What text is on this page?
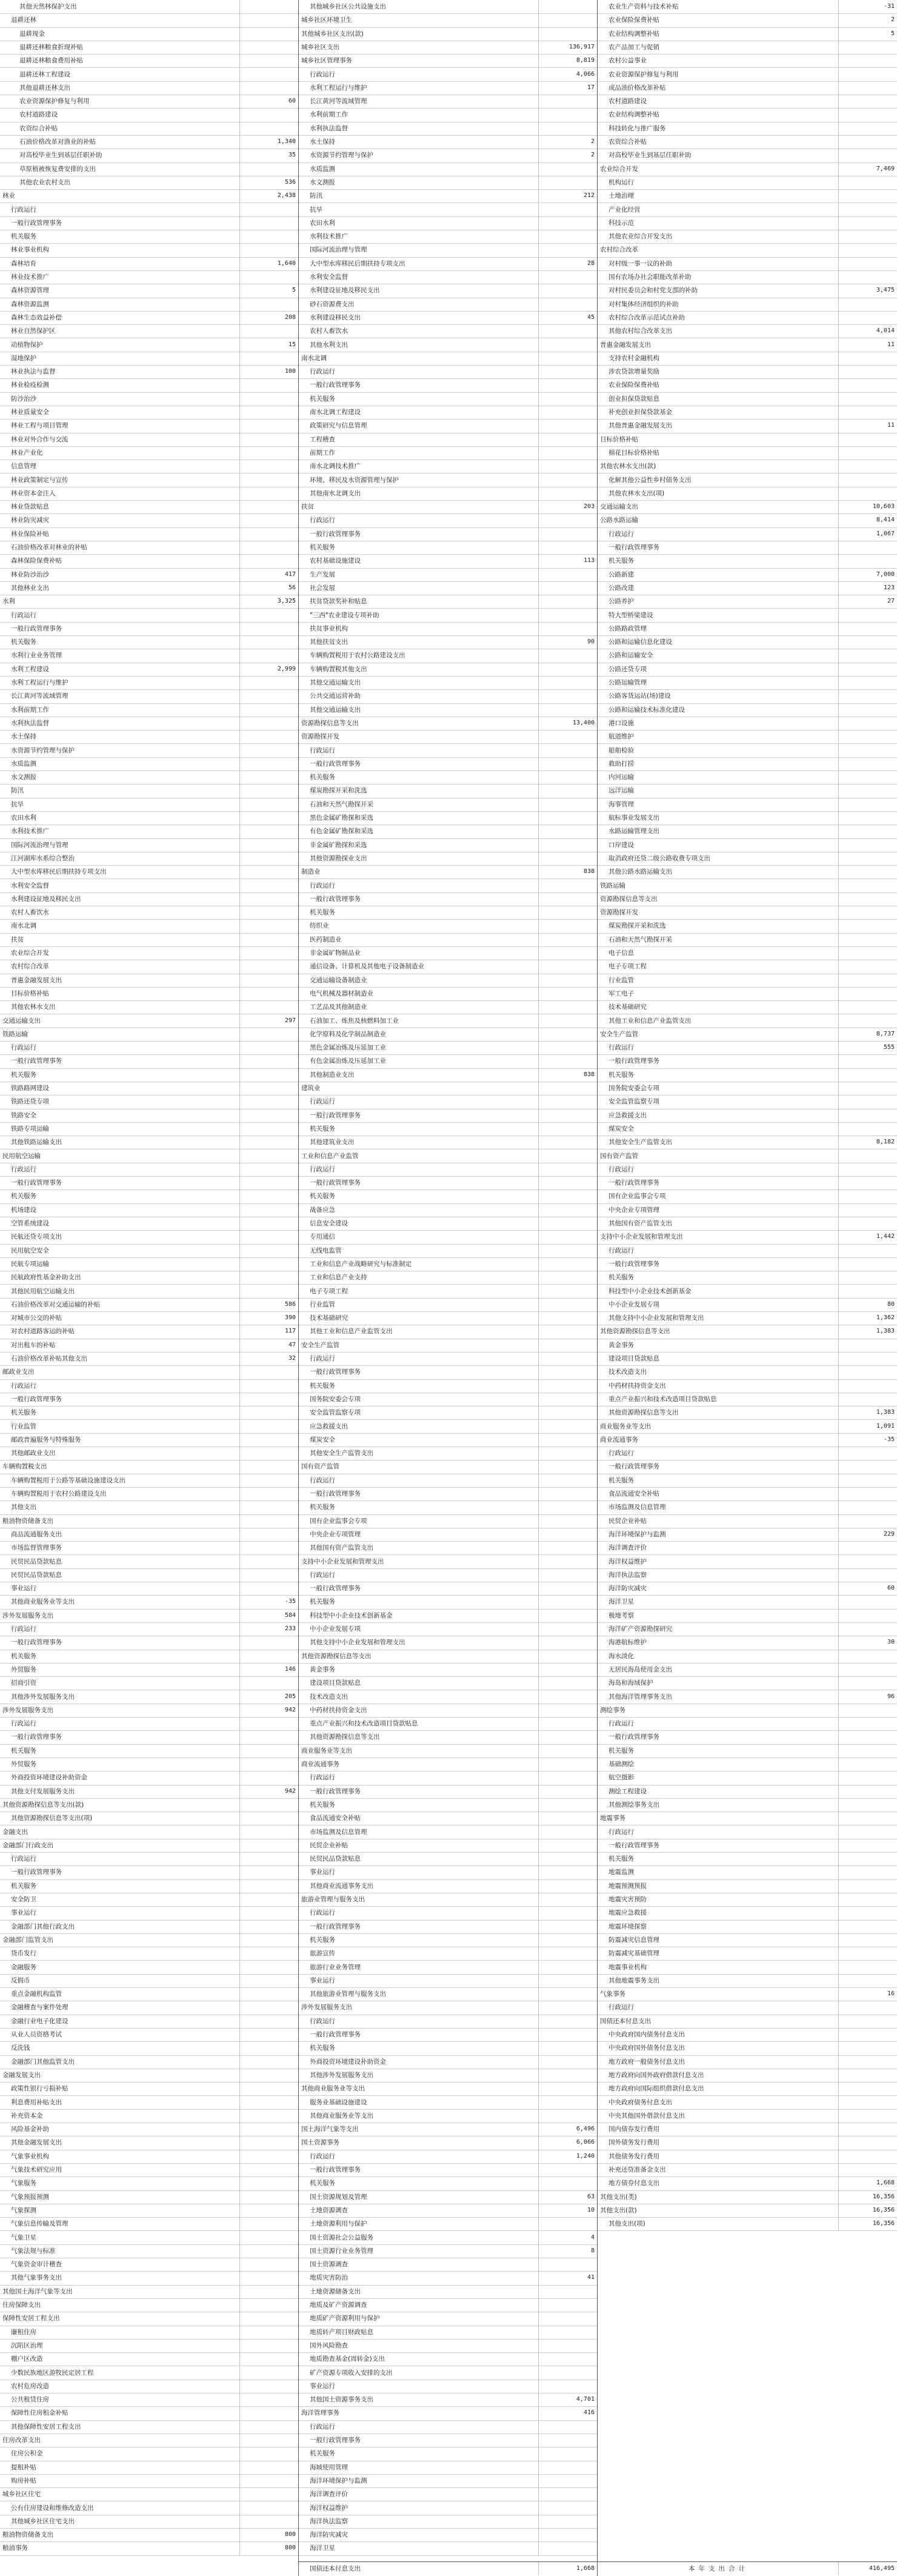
其他天然林保护支出
退耕还林
退耕现金
退耕还林粮食折现补贴
退耕还林粮食费用补贴
退耕还林工程建设
其他退耕还林支出
农业资源保护修复与利用	60
农村道路建设
农资综合补贴
石油价格改革对渔业的补贴	1,340
对高校毕业生到基层任职补助	35
草原植被恢复费安排的支出
其他农业农村支出	536
林业	2,438
行政运行
一般行政管理事务
机关服务
林业事业机构
森林培育	1,640
林业技术推广
森林资源管理	5
森林资源监测
森林生态效益补偿	208
林业自然保护区
动植物保护	15
湿地保护
林业执法与监督	100
林业检疫检测
防沙治沙
林业质量安全
林业工程与项目管理
林业对外合作与交流
林业产业化
信息管理
林业政策制定与宣传
林业资本金注入
林业贷款贴息
林业防灾减灾
林业保险补贴
石油价格改革对林业的补贴
森林保险保费补贴
林业防沙治沙	417
其他林业支出	56
水利	3,325
行政运行
一般行政管理事务
机关服务
水利行业业务管理
水利工程建设	2,999
水利工程运行与维护
长江黄河等流域管理
水利前期工作
水利执法监督
水土保持
水资源节约管理与保护
水质监测
水文测报
防汛
抗旱
农田水利
水利技术推广
国际河流治理与管理
江河湖库水系综合整治
大中型水库移民后期扶持专项支出
水利安全监督
水利建设征地及移民支出
农村人畜饮水
南水北调
扶贫
农业综合开发
农村综合改革
普惠金融发展支出
目标价格补贴
其他农林水支出
交通运输支出	297
铁路运输
行政运行
一般行政管理事务
机关服务
铁路路网建设
铁路还贷专项
铁路安全
铁路专项运输
其他铁路运输支出
民用航空运输
行政运行
一般行政管理事务
机关服务
机场建设
空管系统建设
民航还贷专项支出
民用航空安全
民航专项运输
民航政府性基金补助支出
其他民用航空运输支出
石油价格改革对交通运输的补贴	586
对城市公交的补贴	390
对农村道路客运的补贴	117
对出租车的补贴	47
石油价格改革补贴其他支出	32
邮政业支出
行政运行
一般行政管理事务
机关服务
行业监管
邮政普遍服务与特殊服务
其他邮政业支出
车辆购置税支出
车辆购置税用于公路等基础设施建设支出
车辆购置税用于农村公路建设支出
其他支出
粮油物资储备支出
商品流通服务支出
市场监督管理事务
民贸民品贷款贴息
民贸民品贷款贴息
事业运行
其他商业服务业等支出	-35
涉外发展服务支出	584
行政运行	233
一般行政管理事务
机关服务
外贸服务	146
招商引资
其他涉外发展服务支出	205
涉外发展服务支出	942
行政运行
一般行政管理事务
机关服务
外贸服务
外商投资环境建设补助资金
其他支付发展服务支出	942
其他资源勘探信息等支出(款)
其他资源勘探信息等支出(项)
金融支出
金融部门行政支出
行政运行
一般行政管理事务
机关服务
安全防卫
事业运行
金融部门其他行政支出
金融部门监管支出
货币发行
金融服务
反假币
重点金融机构监管
金融稽查与案件处理
金融行业电子化建设
从业人员资格考试
反洗钱
金融部门其他监管支出
金融发展支出
政策性银行亏损补贴
利息费用补贴支出
补充资本金
风险基金补助
其他金融发展支出
气象事业机构
气象技术研究应用
气象服务
气象预报预测
气象探测
气象信息传输及管理
气象卫星
气象法规与标准
气象资金审计稽查
其他气象事务支出
其他国土海洋气象等支出
住房保障支出
保障性安居工程支出
廉租住房
沉陷区治理
棚户区改造
少数民族地区游牧民定居工程
农村危房改造
公共租赁住房
保障性住房租金补贴
其他保障性安居工程支出
住房改革支出
住房公积金
提租补贴
购房补贴
城乡社区住宅
公有住房建设和维修改造支出
其他城乡社区住宅支出
粮油物资储备支出	800
粮油事务	800
其他城乡社区公共设施支出
城乡社区环境卫生
其他城乡社区支出(款)
城乡社区支出	136,917
城乡社区管理事务	8,819
行政运行	4,066
水利工程运行与维护	17
长江黄河等流域管理
水利前期工作
水利执法监督
水土保持	2
水资源节约管理与保护	2
水质监测
水文测报
防汛	212
抗旱
农田水利
水利技术推广
国际河流治理与管理
大中型水库移民后期扶持专项支出	28
水利安全监督
水利建设征地及移民支出
砂石资源费支出
水利建设移民支出	45
农村人畜饮水
其他水利支出
南水北调
行政运行
一般行政管理事务
机关服务
南水北调工程建设
政策研究与信息管理
工程稽查
前期工作
南水北调技术推广
环境、移民及水资源管理与保护
其他南水北调支出
扶贫	203
行政运行
一般行政管理事务
机关服务
农村基础设施建设	113
生产发展
社会发展
扶贫贷款奖补和贴息
"三西"农业建设专项补助
扶贫事业机构
其他扶贫支出	90
车辆购置税用于农村公路建设支出
车辆购置税其他支出
其他交通运输支出
公共交通运营补助
其他交通运输支出
资源勘探信息等支出	13,400
资源勘探开发
行政运行
一般行政管理事务
机关服务
煤炭勘探开采和洗选
石油和天然气勘探开采
黑色金属矿勘探和采选
有色金属矿勘探和采选
非金属矿勘探和采选
其他资源勘探业支出
制造业	838
行政运行
一般行政管理事务
机关服务
纺织业
医药制造业
非金属矿物制品业
通信设备、计算机及其他电子设备制造业
交通运输设备制造业
电气机械及器材制造业
工艺品及其他制造业
石油加工、炼焦及核燃料加工业
化学原料及化学制品制造业
黑色金属冶炼及压延加工业
有色金属冶炼及压延加工业
其他制造业支出	838
建筑业
行政运行
一般行政管理事务
机关服务
其他建筑业支出
工业和信息产业监管
行政运行
一般行政管理事务
机关服务
战备应急
信息安全建设
专用通信
无线电监管
工业和信息产业战略研究与标准制定
工业和信息产业支持
电子专项工程
行业监管
技术基础研究
其他工业和信息产业监管支出
安全生产监管
行政运行
一般行政管理事务
机关服务
国务院安委会专项
安全监管监察专项
应急救援支出
煤炭安全
其他安全生产监管支出
国有资产监管
行政运行
一般行政管理事务
机关服务
国有企业监事会专项
中央企业专项管理
其他国有资产监管支出
支持中小企业发展和管理支出
行政运行
一般行政管理事务
机关服务
科技型中小企业技术创新基金
中小企业发展专项
其他支持中小企业发展和管理支出
其他资源勘探信息等支出
黄金事务
建设项目贷款贴息
技术改造支出
中药材扶持资金支出
重点产业振兴和技术改造项目贷款贴息
其他资源勘探信息等支出
商业服务业等支出
商业流通事务
行政运行
一般行政管理事务
机关服务
食品流通安全补贴
市场监测及信息管理
民贸企业补贴
民贸民品贷款贴息
事业运行
其他商业流通事务支出
旅游业管理与服务支出
行政运行
一般行政管理事务
机关服务
旅游宣传
旅游行业业务管理
事业运行
其他旅游业管理与服务支出
涉外发展服务支出
行政运行
一般行政管理事务
机关服务
外商投资环境建设补助资金
其他涉外发展服务支出
其他商业服务业等支出
服务业基础设施建设
其他商业服务业等支出
国土海洋气象等支出	6,496
国土资源事务	6,066
行政运行	1,240
一般行政管理事务
机关服务
国土资源规划及管理	63
土地资源调查	10
土地资源利用与保护
国土资源社会公益服务	4
国土资源行业业务管理	8
国土资源调查
地质灾害防治	41
土地资源储备支出
地质及矿产资源调查
地质矿产资源利用与保护
地质转产项目财政贴息
国外风险勘查
地质勘查基金(周转金)支出
矿产资源专项收入安排的支出
事业运行
其他国土资源事务支出	4,701
海洋管理事务	416
行政运行
一般行政管理事务
机关服务
海域使用管理
海洋环境保护与监测
海洋调查评价
海洋权益维护
海洋执法监察
海洋防灾减灾
海洋卫星
国债还本付息支出	1,668
农业生产资料与技术补贴	-31
农业保险保费补贴	2
农业结构调整补贴	5
农产品加工与促销
农村公益事业
农业资源保护修复与利用
成品油价格改革补贴
农村道路建设
农业结构调整补贴
科技转化与推广服务
农资综合补贴
对高校毕业生到基层任职补助
农业综合开发	7,469
机构运行
土地治理
产业化经营
科技示范
其他农业综合开发支出
农村综合改革
对村级一事一议的补助
国有农场办社会职能改革补助
对村民委员会和村党支部的补助	3,475
对村集体经济组织的补助
农村综合改革示范试点补助
其他农村综合改革支出	4,014
普惠金融发展支出	11
支持农村金融机构
涉农贷款增量奖励
农业保险保费补贴
创业担保贷款贴息
补充创业担保贷款基金
其他普惠金融发展支出	11
目标价格补贴
棉花目标价格补贴
其他农林水支出(款)
化解其他公益性乡村债务支出
其他农林水支出(项)
交通运输支出	10,603
公路水路运输	8,414
行政运行	1,067
一般行政管理事务
机关服务
公路新建	7,000
公路改建	123
公路养护	27
特大型桥梁建设
公路路政管理
公路和运输信息化建设
公路和运输安全
公路还贷专项
公路运输管理
公路客货运站(场)建设
公路和运输技术标准化建设
港口设施
航道维护
船舶检验
救助打捞
内河运输
远洋运输
海事管理
航标事业发展支出
水路运输管理支出
口岸建设
取消政府还贷二级公路收费专项支出
其他公路水路运输支出
铁路运输
资源勘探信息等支出
资源勘探开发
煤炭勘探开采和洗选
石油和天然气勘探开采
电子信息
电子专项工程
行业监管
军工电子
技术基础研究
其他工业和信息产业监管支出
安全生产监管	8,737
行政运行	555
一般行政管理事务
机关服务
国务院安委会专项
安全监管监察专项
应急救援支出
煤炭安全
其他安全生产监管支出	8,182
国有资产监管
行政运行
一般行政管理事务
国有企业监事会专项
中央企业专项管理
其他国有资产监管支出
支持中小企业发展和管理支出	1,442
行政运行
一般行政管理事务
机关服务
科技型中小企业技术创新基金
中小企业发展专项	80
其他支持中小企业发展和管理支出	1,362
其他资源勘探信息等支出	1,383
黄金事务
建设项目贷款贴息
技术改造支出
中药材扶持资金支出
重点产业振兴和技术改造项目贷款贴息
其他资源勘探信息等支出	1,383
商业服务业等支出	1,091
商业流通事务	-35
行政运行
一般行政管理事务
机关服务
食品流通安全补贴
市场监测及信息管理
民贸企业补贴
海洋环境保护与监测	229
海洋调查评价
海洋权益维护
海洋执法监察
海洋防灾减灾	60
海洋卫星
极地考察
海洋矿产资源勘探研究
海港航标维护	30
海水淡化
无居民海岛使用金支出
海岛和海域保护
其他海洋管理事务支出	96
测绘事务
行政运行
一般行政管理事务
机关服务
基础测绘
航空摄影
测绘工程建设
其他测绘事务支出
地震事务
行政运行
一般行政管理事务
机关服务
地震监测
地震预测预报
地震灾害预防
地震应急救援
地震环境探察
防震减灾信息管理
防震减灾基础管理
地震事业机构
其他地震事务支出
气象事务	16
行政运行
国债还本付息支出
中央政府国内债务付息支出
中央政府国外债务付息支出
地方政府一般债务付息支出
地方政府向国外政府借款付息支出
地方政府向国际组织借款付息支出
中央政府债务付息支出
中央其他国外借款付息支出
国内债券发行费用
国外债务发行费用
其他债务发行费用
补充还贷准备金支出
地方债券付息支出	1,668
其他支出(类)	16,356
其他支出(款)	16,356
其他支出(项)	16,356
本年支出合计	416,495
